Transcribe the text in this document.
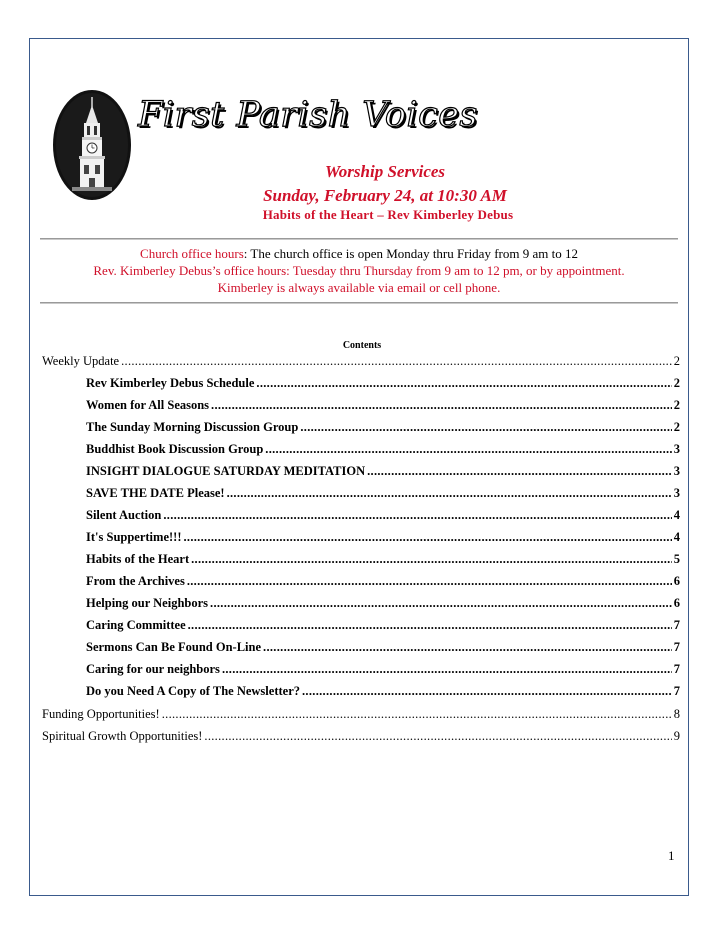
First Parish Voices
Worship Services
Sunday, February 24, at 10:30 AM
Habits of the Heart – Rev Kimberley Debus
Church office hours: The church office is open Monday thru Friday from 9 am to 12
Rev. Kimberley Debus’s office hours: Tuesday thru Thursday from 9 am to 12 pm, or by appointment.
Kimberley is always available via email or cell phone.
Contents
Weekly Update .....	2
Rev Kimberley Debus Schedule .....	2
Women for All Seasons .....	2
The Sunday Morning Discussion Group .....	2
Buddhist Book Discussion Group .....	3
INSIGHT DIALOGUE SATURDAY MEDITATION .....	3
SAVE THE DATE Please! .....	3
Silent Auction .....	4
It's Suppertime!!! .....	4
Habits of the Heart .....	5
From the Archives .....	6
Helping our Neighbors .....	6
Caring Committee .....	7
Sermons Can Be Found On-Line .....	7
Caring for our neighbors .....	7
Do you Need A Copy of The Newsletter? .....	7
Funding Opportunities! .....	8
Spiritual Growth Opportunities! .....	9
1
